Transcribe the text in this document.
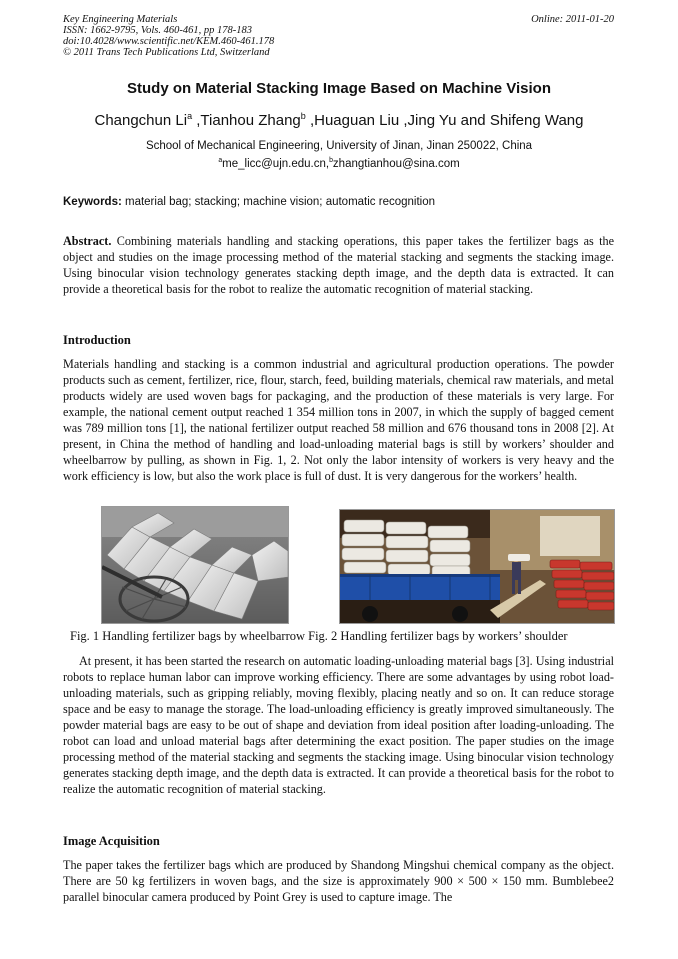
Key Engineering Materials
ISSN: 1662-9795, Vols. 460-461, pp 178-183
doi:10.4028/www.scientific.net/KEM.460-461.178
© 2011 Trans Tech Publications Ltd, Switzerland
Online: 2011-01-20
Study on Material Stacking Image Based on Machine Vision
Changchun Li$^a$ ,Tianhou Zhang$^b$ ,Huaguan Liu ,Jing Yu and Shifeng Wang
School of Mechanical Engineering, University of Jinan, Jinan 250022, China
$^a$me_licc@ujn.edu.cn,$^b$zhangtianhou@sina.com
Keywords: material bag; stacking; machine vision; automatic recognition
Abstract. Combining materials handling and stacking operations, this paper takes the fertilizer bags as the object and studies on the image processing method of the material stacking and segments the stacking image. Using binocular vision technology generates stacking depth image, and the depth data is extracted. It can provide a theoretical basis for the robot to realize the automatic recognition of material stacking.
Introduction
Materials handling and stacking is a common industrial and agricultural production operations. The powder products such as cement, fertilizer, rice, flour, starch, feed, building materials, chemical raw materials, and metal products widely are used woven bags for packaging, and the production of these materials is very large. For example, the national cement output reached 1 354 million tons in 2007, in which the supply of bagged cement was 789 million tons [1], the national fertilizer output reached 58 million and 676 thousand tons in 2008 [2]. At present, in China the method of handling and load-unloading material bags is still by workers’ shoulder and wheelbarrow by pulling, as shown in Fig. 1, 2. Not only the labor intensity of workers is very heavy and the work efficiency is low, but also the work place is full of dust. It is very dangerous for the workers’ health.
Fig. 1 Handling fertilizer bags by wheelbarrow Fig. 2 Handling fertilizer bags by workers’ shoulder
At present, it has been started the research on automatic loading-unloading material bags [3]. Using industrial robots to replace human labor can improve working efficiency. There are some advantages by using robot load-unloading materials, such as gripping reliably, moving flexibly, placing neatly and so on. It can reduce storage space and be easy to manage the storage. The load-unloading efficiency is greatly improved simultaneously. The powder material bags are easy to be out of shape and deviation from ideal position after loading-unloading. The robot can load and unload material bags after determining the exact position. The paper studies on the image processing method of the material stacking and segments the stacking image. Using binocular vision technology generates stacking depth image, and the depth data is extracted. It can provide a theoretical basis for the robot to realize the automatic recognition of material stacking.
Image Acquisition
The paper takes the fertilizer bags which are produced by Shandong Mingshui chemical company as the object. There are 50 kg fertilizers in woven bags, and the size is approximately 900 × 500 × 150 mm. Bumblebee2 parallel binocular camera produced by Point Grey is used to capture image. The
